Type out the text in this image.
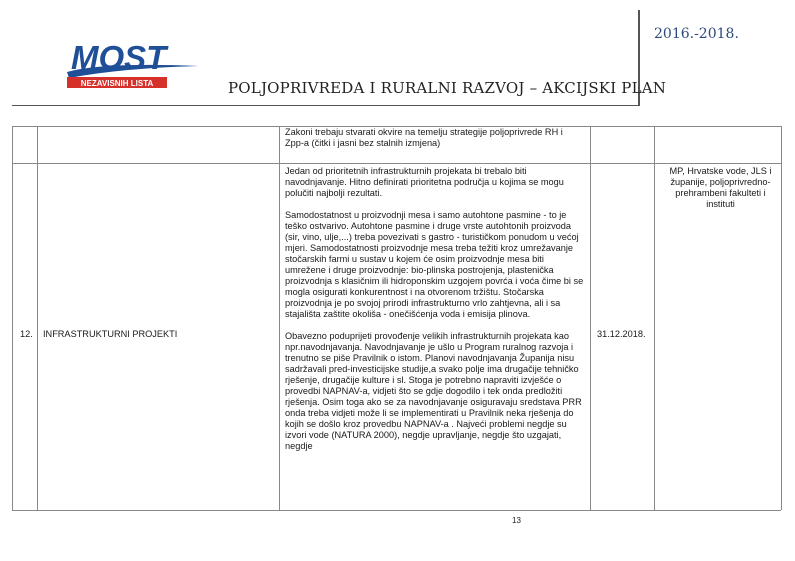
MOST
NEZAVISNIH LISTA
2016.-2018.
POLJOPRIVREDA I RURALNI RAZVOJ – AKCIJSKI PLAN
Zakoni trebaju stvarati okvire na temelju strategije poljoprivrede RH i Zpp-a (čitki i jasni bez stalnih izmjena)
12. INFRASTRUKTURNI PROJEKTI

Jedan od prioritetnih infrastrukturnih projekata bi trebalo biti navodnjavanje. Hitno definirati prioritetna područja u kojima se mogu polučiti najbolji rezultati.

Samodostatnost u proizvodnji mesa i samo autohtone pasmine - to je teško ostvarivo. Autohtone pasmine i druge vrste autohtonih proizvoda (sir, vino, ulje,...) treba povezivati s gastro - turističkom ponudom u većoj mjeri. Samodostatnosti proizvodnje mesa treba težiti kroz umrežavanje stočarskih farmi u sustav u kojem će osim proizvodnje mesa biti umrežene i druge proizvodnje: bio-plinska postrojenja, plastenička proizvodnja s klasičnim ili hidroponskim uzgojem povrća i voća čime bi se mogla osigurati konkurentnost i na otvorenom tržištu. Stočarska proizvodnja je po svojoj prirodi infrastrukturno vrlo zahtjevna, ali i sa stajališta zaštite okoliša - onečišćenja voda i emisija plinova.

Obavezno poduprijeti provođenje velikih infrastrukturnih projekata kao npr.navodnjavanja. Navodnjavanje je ušlo u Program ruralnog razvoja i trenutno se piše Pravilnik o istom. Planovi navodnjavanja Županija nisu sadržavali pred-investicijske studije,a svako polje ima drugačije tehničko rješenje, drugačije kulture i sl. Stoga je potrebno napraviti izvješće o provedbi NAPNAV-a, vidjeti što se gdje dogodilo i tek onda predložiti rješenja. Osim toga ako se za navodnjavanje osiguravaju sredstava PRR onda treba vidjeti može li se implementirati u Pravilnik neka rješenja do kojih se došlo kroz provedbu NAPNAV-a . Najveći problemi negdje su izvori vode (NATURA 2000), negdje upravljanje, negdje što uzgajati, negdje

31.12.2018.
MP, Hrvatske vode, JLS i županije, poljoprivredno-prehrambeni fakulteti i instituti
13
